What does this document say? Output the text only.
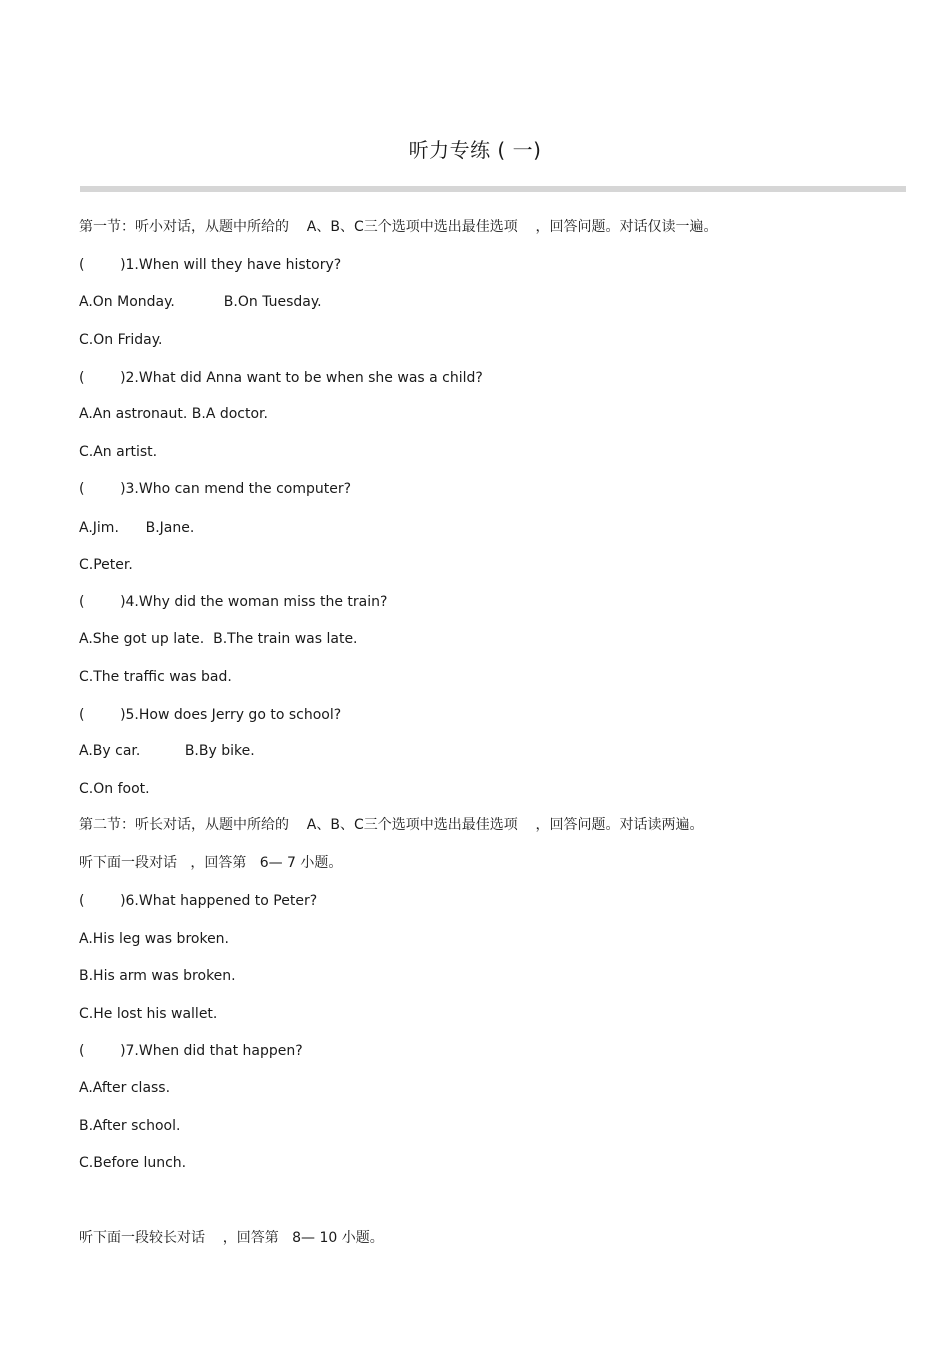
听力专练 ( 一)
第一节：听小对话，从题中所给的    A、B、C三个选项中选出最佳选项    ，回答问题。对话仅读一遍。
(        )1.When will they have history?
A.On Monday.           B.On Tuesday.
C.On Friday.
(        )2.What did Anna want to be when she was a child?
A.An astronaut. B.A doctor.
C.An artist.
(        )3.Who can mend the computer?
A.Jim.      B.Jane.
C.Peter.
(        )4.Why did the woman miss the train?
A.She got up late.  B.The train was late.
C.The traffic was bad.
(        )5.How does Jerry go to school?
A.By car.          B.By bike.
C.On foot.
第二节：听长对话，从题中所给的    A、B、C三个选项中选出最佳选项    ，回答问题。对话读两遍。
听下面一段对话   ，回答第   6— 7 小题。
(        )6.What happened to Peter?
A.His leg was broken.
B.His arm was broken.
C.He lost his wallet.
(        )7.When did that happen?
A.After class.
B.After school.
C.Before lunch.
听下面一段较长对话    ，回答第   8— 10 小题。
